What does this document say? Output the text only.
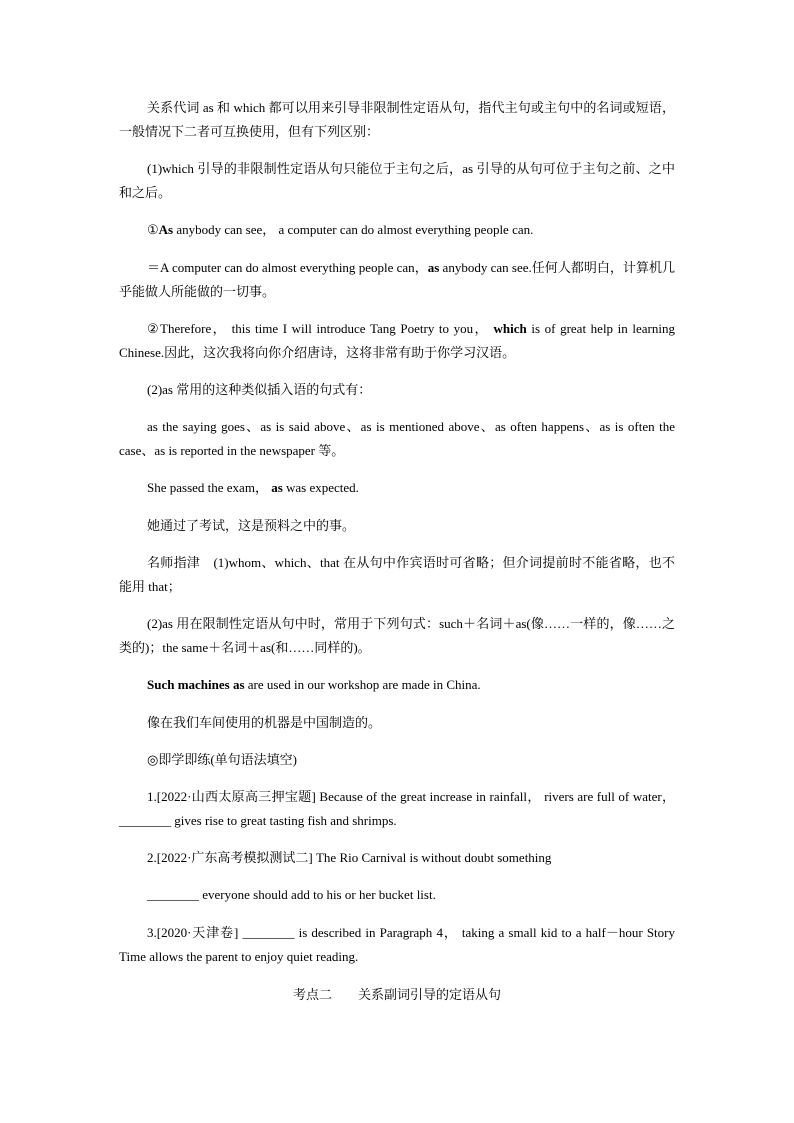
关系代词 as 和 which 都可以用来引导非限制性定语从句，指代主句或主句中的名词或短语，一般情况下二者可互换使用，但有下列区别：

(1)which 引导的非限制性定语从句只能位于主句之后，as 引导的从句可位于主句之前、之中和之后。

①As anybody can see， a computer can do almost everything people can.

＝A computer can do almost everything people can，as anybody can see.任何人都明白，计算机几乎能做人所能做的一切事。

②Therefore， this time I will introduce Tang Poetry to you， which is of great help in learning Chinese.因此，这次我将向你介绍唐诗，这将非常有助于你学习汉语。

(2)as 常用的这种类似插入语的句式有：

as the saying goes、as is said above、as is mentioned above、as often happens、as is often the case、as is reported in the newspaper 等。

She passed the exam， as was expected.

她通过了考试，这是预料之中的事。

名师指津　(1)whom、which、that 在从句中作宾语时可省略；但介词提前时不能省略，也不能用 that；

(2)as 用在限制性定语从句中时，常用于下列句式：such＋名词＋as(像……一样的，像……之类的)；the same＋名词＋as(和……同样的)。

Such machines as are used in our workshop are made in China.

像在我们车间使用的机器是中国制造的。

◎即学即练(单句语法填空)

1.[2022·山西太原高三押宝题] Because of the great increase in rainfall， rivers are full of water， ________ gives rise to great tasting fish and shrimps.

2.[2022·广东高考模拟测试二] The Rio Carnival is without doubt something

________ everyone should add to his or her bucket list.

3.[2020·天津卷] ________ is described in Paragraph 4， taking a small kid to a half－hour Story Time allows the parent to enjoy quiet reading.

考点二　　关系副词引导的定语从句
